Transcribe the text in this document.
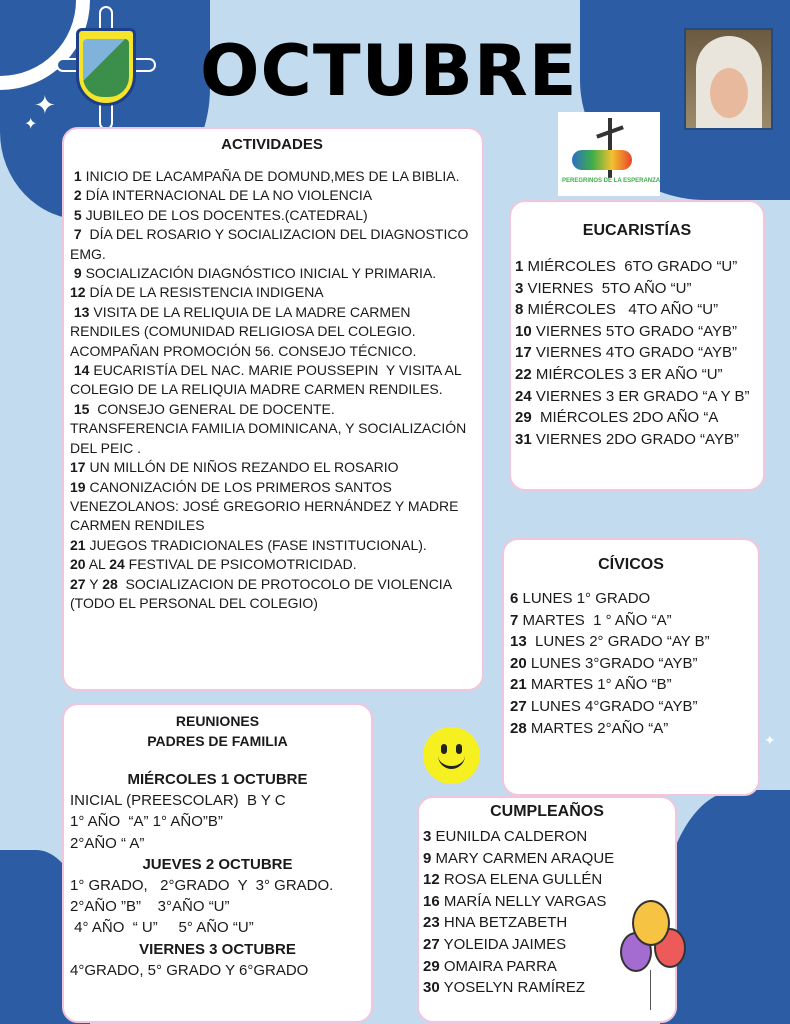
✦
✦
✦
OCTUBRE
PEREGRINOS DE LA ESPERANZA
ACTIVIDADES
1 INICIO DE LACAMPAÑA DE DOMUND,MES DE LA BIBLIA.
2 DÍA INTERNACIONAL DE LA NO VIOLENCIA
5 JUBILEO DE LOS DOCENTES.(CATEDRAL)
7  DÍA DEL ROSARIO Y SOCIALIZACION DEL DIAGNOSTICO EMG.
9 SOCIALIZACIÓN DIAGNÓSTICO INICIAL Y PRIMARIA.
12 DÍA DE LA RESISTENCIA INDIGENA
13 VISITA DE LA RELIQUIA DE LA MADRE CARMEN RENDILES (COMUNIDAD RELIGIOSA DEL COLEGIO. ACOMPAÑAN PROMOCIÓN 56. CONSEJO TÉCNICO.
14 EUCARISTÍA DEL NAC. MARIE POUSSEPIN  Y VISITA AL COLEGIO DE LA RELIQUIA MADRE CARMEN RENDILES.
15  CONSEJO GENERAL DE DOCENTE.
TRANSFERENCIA FAMILIA DOMINICANA, Y SOCIALIZACIÓN DEL PEIC .
17 UN MILLÓN DE NIÑOS REZANDO EL ROSARIO
19 CANONIZACIÓN DE LOS PRIMEROS SANTOS VENEZOLANOS: JOSÉ GREGORIO HERNÁNDEZ Y MADRE CARMEN RENDILES
21 JUEGOS TRADICIONALES (FASE INSTITUCIONAL).
20 AL 24 FESTIVAL DE PSICOMOTRICIDAD.
27 Y 28  SOCIALIZACION DE PROTOCOLO DE VIOLENCIA (TODO EL PERSONAL DEL COLEGIO)
EUCARISTÍAS
1 MIÉRCOLES  6TO GRADO “U”
3 VIERNES  5TO AÑO “U”
8 MIÉRCOLES   4TO AÑO “U”
10 VIERNES 5TO GRADO “AYB”
17 VIERNES 4TO GRADO “AYB”
22 MIÉRCOLES 3 ER AÑO “U”
24 VIERNES 3 ER GRADO “A Y B”
29  MIÉRCOLES 2DO AÑO “A
31 VIERNES 2DO GRADO “AYB”
CÍVICOS
6 LUNES 1° GRADO
7 MARTES  1 ° AÑO “A”
13  LUNES 2° GRADO “AY B”
20 LUNES 3°GRADO “AYB”
21 MARTES 1° AÑO “B”
27 LUNES 4°GRADO “AYB”
28 MARTES 2°AÑO “A”
REUNIONES
PADRES DE FAMILIA
MIÉRCOLES 1 OCTUBRE
INICIAL (PREESCOLAR)  B Y C
1° AÑO  “A” 1° AÑO”B”
2°AÑO “ A”
JUEVES 2 OCTUBRE
1° GRADO,   2°GRADO  Y  3° GRADO.
2°AÑO ”B”    3°AÑO “U”
4° AÑO  “ U”     5° AÑO “U”
VIERNES 3 OCTUBRE
4°GRADO, 5° GRADO Y 6°GRADO
CUMPLEAÑOS
3 EUNILDA CALDERON
9 MARY CARMEN ARAQUE
12 ROSA ELENA GULLÉN
16 MARÍA NELLY VARGAS
23 HNA BETZABETH
27 YOLEIDA JAIMES
29 OMAIRA PARRA
30 YOSELYN RAMÍREZ
